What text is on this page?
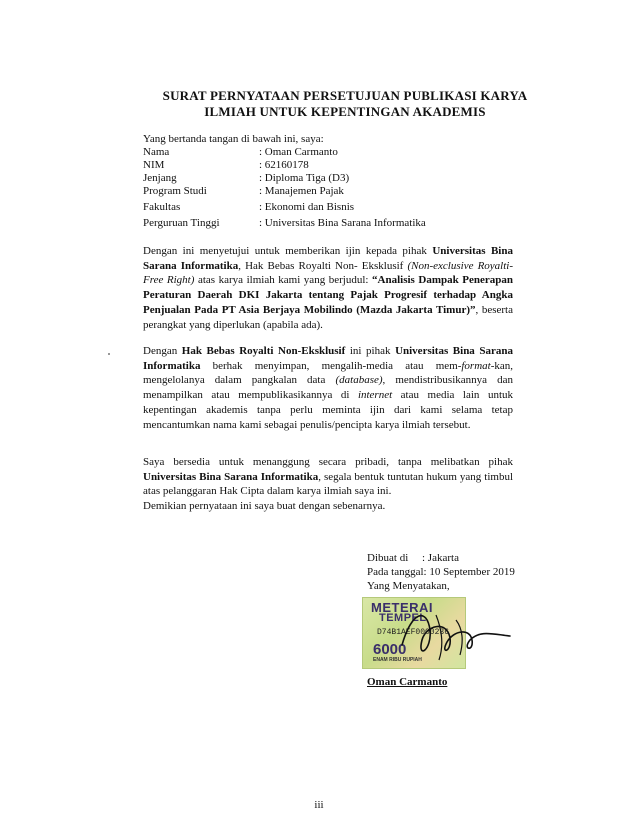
SURAT PERNYATAAN PERSETUJUAN PUBLIKASI KARYA
ILMIAH UNTUK KEPENTINGAN AKADEMIS
Yang bertanda tangan di bawah ini, saya:
Nama	: Oman Carmanto
NIM	: 62160178
Jenjang	: Diploma Tiga (D3)
Program Studi	: Manajemen Pajak
Fakultas	: Ekonomi dan Bisnis
Perguruan Tinggi	: Universitas Bina Sarana Informatika
Dengan ini menyetujui untuk memberikan ijin kepada pihak Universitas Bina Sarana Informatika, Hak Bebas Royalti Non- Eksklusif (Non-exclusive Royalti-Free Right) atas karya ilmiah kami yang berjudul: “Analisis Dampak Penerapan Peraturan Daerah DKI Jakarta tentang Pajak Progresif terhadap Angka Penjualan Pada PT Asia Berjaya Mobilindo (Mazda Jakarta Timur)”, beserta perangkat yang diperlukan (apabila ada).
Dengan Hak Bebas Royalti Non-Eksklusif ini pihak Universitas Bina Sarana Informatika berhak menyimpan, mengalih-media atau mem-format-kan, mengelolanya dalam pangkalan data (database), mendistribusikannya dan menampilkan atau mempublikasikannya di internet atau media lain untuk kepentingan akademis tanpa perlu meminta ijin dari kami selama tetap mencantumkan nama kami sebagai penulis/pencipta karya ilmiah tersebut.
Saya bersedia untuk menanggung secara pribadi, tanpa melibatkan pihak Universitas Bina Sarana Informatika, segala bentuk tuntutan hukum yang timbul atas pelanggaran Hak Cipta dalam karya ilmiah saya ini.
Demikian pernyataan ini saya buat dengan sebenarnya.
Dibuat di     : Jakarta
Pada tanggal: 10 September 2019
Yang Menyatakan,
METERAI
TEMPEL
D74B1AEF0000236
6000
ENAM RIBU RUPIAH
Oman Carmanto
iii
